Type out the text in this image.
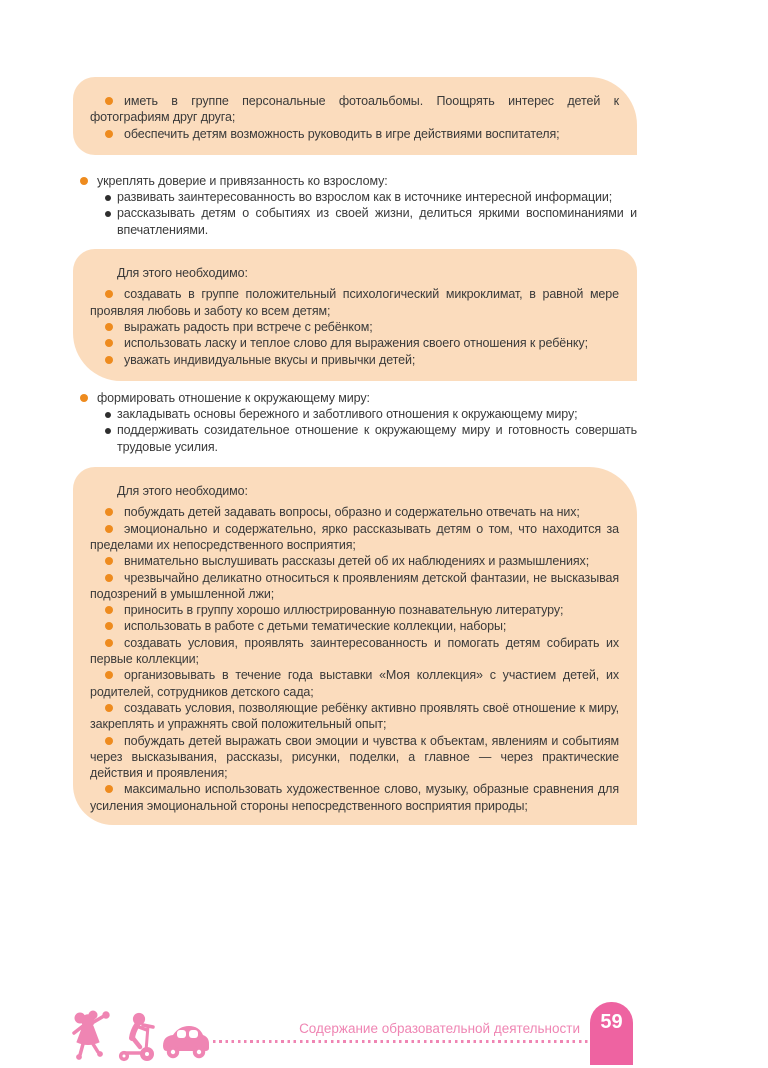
иметь в группе персональные фотоальбомы. Поощрять интерес детей к фотографиям друг друга;

обеспечить детям возможность руководить в игре действиями воспитателя;

укреплять доверие и привязанность ко взрослому:

развивать заинтересованность во взрослом как в источнике интересной информации;

рассказывать детям о событиях из своей жизни, делиться яркими воспоминаниями и впечатлениями.

Для этого необходимо:

создавать в группе положительный психологический микроклимат, в равной мере проявляя любовь и заботу ко всем детям;

выражать радость при встрече с ребёнком;

использовать ласку и теплое слово для выражения своего отношения к ребёнку;

уважать индивидуальные вкусы и привычки детей;

формировать отношение к окружающему миру:

закладывать основы бережного и заботливого отношения к окружающему миру;

поддерживать созидательное отношение к окружающему миру и готовность совершать трудовые усилия.

Для этого необходимо:

побуждать детей задавать вопросы, образно и содержательно отвечать на них;

эмоционально и содержательно, ярко рассказывать детям о том, что находится за пределами их непосредственного восприятия;

внимательно выслушивать рассказы детей об их наблюдениях и размышлениях;

чрезвычайно деликатно относиться к проявлениям детской фантазии, не высказывая подозрений в умышленной лжи;

приносить в группу хорошо иллюстрированную познавательную литературу;

использовать в работе с детьми тематические коллекции, наборы;

создавать условия, проявлять заинтересованность и помогать детям собирать их первые коллекции;

организовывать в течение года выставки «Моя коллекция» с участием детей, их родителей, сотрудников детского сада;

создавать условия, позволяющие ребёнку активно проявлять своё отношение к миру, закреплять и упражнять свой положительный опыт;

побуждать детей выражать свои эмоции и чувства к объектам, явлениям и событиям через высказывания, рассказы, рисунки, поделки, а главное — через практические действия и проявления;

максимально использовать художественное слово, музыку, образные сравнения для усиления эмоциональной стороны непосредственного восприятия природы;

Содержание образовательной деятельности	59
